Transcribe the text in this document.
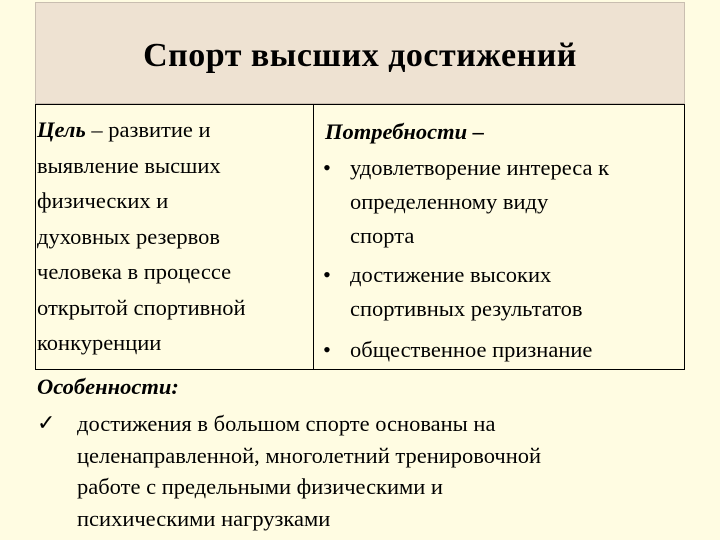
Спорт высших достижений
Цель – развитие и
выявление высших
физических и
духовных резервов
человека в процессе
открытой спортивной
конкуренции
Потребности –
• удовлетворение интереса к
определенному виду
спорта
• достижение высоких
спортивных результатов
• общественное признание
Особенности:
✓ достижения в большом спорте основаны на
целенаправленной, многолетний тренировочной
работе с предельными физическими и
психическими нагрузками
